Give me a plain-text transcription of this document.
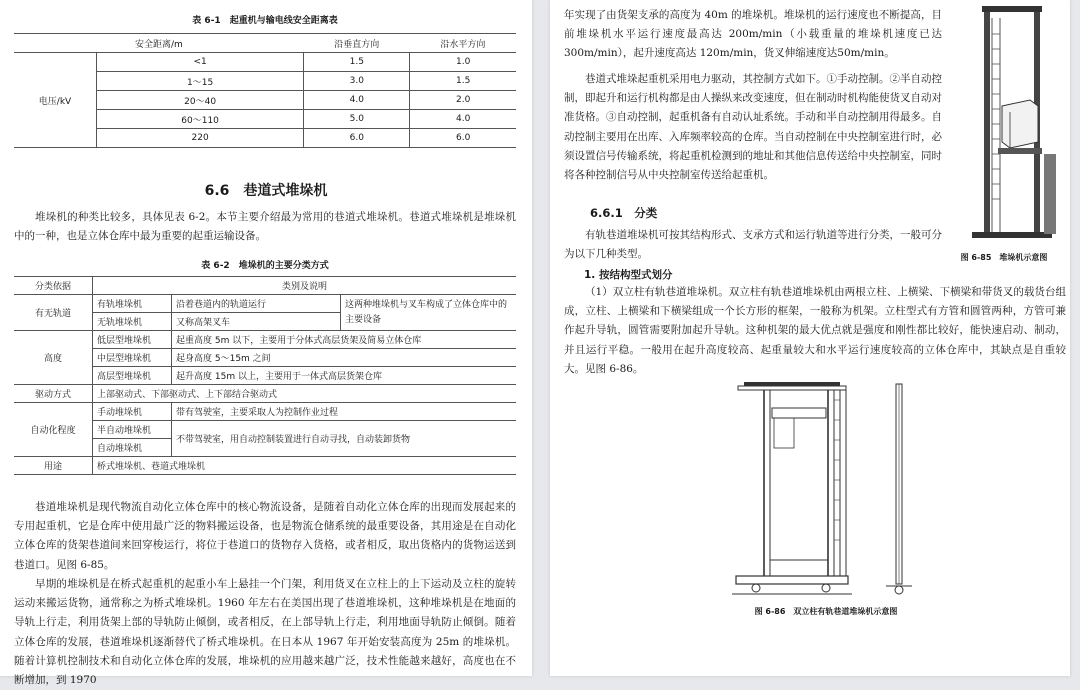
表 6-1　起重机与输电线安全距离表
安全距离/m		沿垂直方向	沿水平方向
电压/kV	<1	1.5	1.0
	1～15	3.0	1.5
	20～40	4.0	2.0
	60～110	5.0	4.0
	220	6.0	6.0
6.6　巷道式堆垛机

堆垛机的种类比较多，具体见表 6-2。本节主要介绍最为常用的巷道式堆垛机。巷道式堆垛机是堆垛机中的一种，也是立体仓库中最为重要的起重运输设备。

表 6-2　堆垛机的主要分类方式
分类依据	类别及说明		
有无轨道	有轨堆垛机	沿着巷道内的轨道运行	这两种堆垛机与叉车构成了立体仓库中的主要设备
	无轨堆垛机	又称高架叉车	
高度	低层型堆垛机	起重高度 5m 以下，主要用于分体式高层货架及简易立体仓库	
	中层型堆垛机	起身高度 5～15m 之间	
	高层型堆垛机	起升高度 15m 以上，主要用于一体式高层货架仓库	
驱动方式	上部驱动式、下部驱动式、上下部结合驱动式		
自动化程度	手动堆垛机	带有驾驶室，主要采取人为控制作业过程	
	半自动堆垛机	不带驾驶室，用自动控制装置进行自动寻找，自动装卸货物	
	自动堆垛机		
用途	桥式堆垛机、巷道式堆垛机		

巷道堆垛机是现代物流自动化立体仓库中的核心物流设备，是随着自动化立体仓库的出现而发展起来的专用起重机，它是仓库中使用最广泛的物料搬运设备，也是物流仓储系统的最重要设备，其用途是在自动化立体仓库的货架巷道间来回穿梭运行，将位于巷道口的货物存入货格，或者相反，取出货格内的货物运送到巷道口。见图 6-85。

早期的堆垛机是在桥式起重机的起重小车上悬挂一个门架，利用货叉在立柱上的上下运动及立柱的旋转运动来搬运货物，通常称之为桥式堆垛机。1960 年左右在美国出现了巷道堆垛机，这种堆垛机是在地面的导轨上行走，利用货架上部的导轨防止倾倒，或者相反，在上部导轨上行走，利用地面导轨防止倾倒。随着立体仓库的发展，巷道堆垛机逐渐替代了桥式堆垛机。在日本从 1967 年开始安装高度为 25m 的堆垛机。随着计算机控制技术和自动化立体仓库的发展，堆垛机的应用越来越广泛，技术性能越来越好，高度也在不断增加，到 1970

年实现了由货架支承的高度为 40m 的堆垛机。堆垛机的运行速度也不断提高，目前堆垛机水平运行速度最高达 200m/min（小载重量的堆垛机速度已达 300m/min），起升速度高达 120m/min，货叉伸缩速度达50m/min。

巷道式堆垛起重机采用电力驱动，其控制方式如下。①手动控制。②半自动控制，即起升和运行机构都是由人操纵来改变速度，但在制动时机构能使货叉自动对准货格。③自动控制，起重机备有自动认址系统。手动和半自动控制用得最多。自动控制主要用在出库、入库频率较高的仓库。当自动控制在中央控制室进行时，必须设置信号传输系统，将起重机检测到的地址和其他信息传送给中央控制室，同时将各种控制信号从中央控制室传送给起重机。

图 6-85　堆垛机示意图
6.6.1　分类

有轨巷道堆垛机可按其结构形式、支承方式和运行轨道等进行分类，一般可分为以下几种类型。

1. 按结构型式划分

（1）双立柱有轨巷道堆垛机。双立柱有轨巷道堆垛机由两根立柱、上横梁、下横梁和带货叉的载货台组成，立柱、上横梁和下横梁组成一个长方形的框架，一般称为机架。立柱型式有方管和圆管两种，方管可兼作起升导轨，圆管需要附加起升导轨。这种机架的最大优点就是强度和刚性都比较好，能快速启动、制动，并且运行平稳。一般用在起升高度较高、起重量较大和水平运行速度较高的立体仓库中，其缺点是自重较大。见图 6-86。

图 6-86　双立柱有轨巷道堆垛机示意图
